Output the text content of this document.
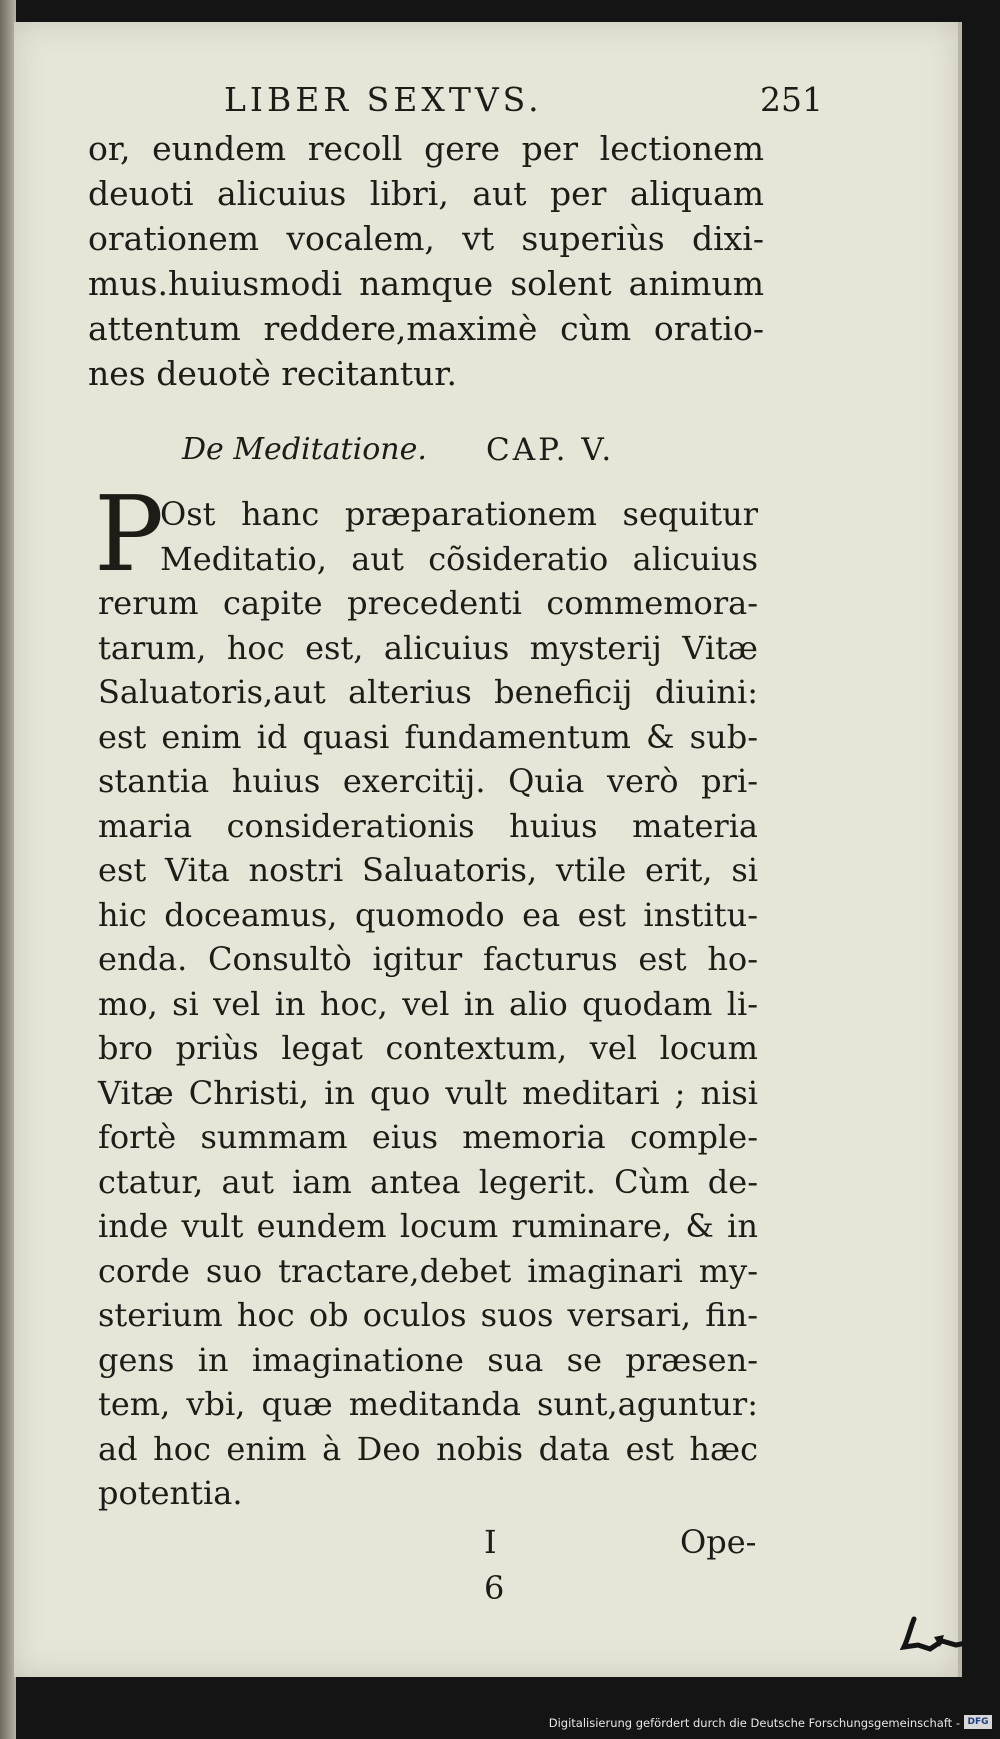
LIBER SEXTVS.	251
or, eundem recoll gere per lectionem
deuoti alicuius libri, aut per aliquam
orationem vocalem, vt superiùs dixi-
mus.huiusmodi namque solent animum
attentum reddere,maximè cùm oratio-
nes deuotè recitantur.
De Meditatione.	CAP. V.
P
Ost hanc præparationem sequitur
Meditatio, aut cõsideratio alicuius
rerum capite precedenti commemora-
tarum, hoc est, alicuius mysterij Vitæ
Saluatoris,aut alterius beneficij diuini:
est enim id quasi fundamentum & sub-
stantia huius exercitij. Quia verò pri-
maria considerationis huius materia
est Vita nostri Saluatoris, vtile erit, si
hic doceamus, quomodo ea est institu-
enda. Consultò igitur facturus est ho-
mo, si vel in hoc, vel in alio quodam li-
bro priùs legat contextum, vel locum
Vitæ Christi, in quo vult meditari ; nisi
fortè summam eius memoria comple-
ctatur, aut iam antea legerit. Cùm de-
inde vult eundem locum ruminare, & in
corde suo tractare,debet imaginari my-
sterium hoc ob oculos suos versari, fin-
gens in imaginatione sua se præsen-
tem, vbi, quæ meditanda sunt,aguntur:
ad hoc enim à Deo nobis data est hæc
potentia.
I 6
Ope-
Digitalisierung gefördert durch die Deutsche Forschungsgemeinschaft - DFG
